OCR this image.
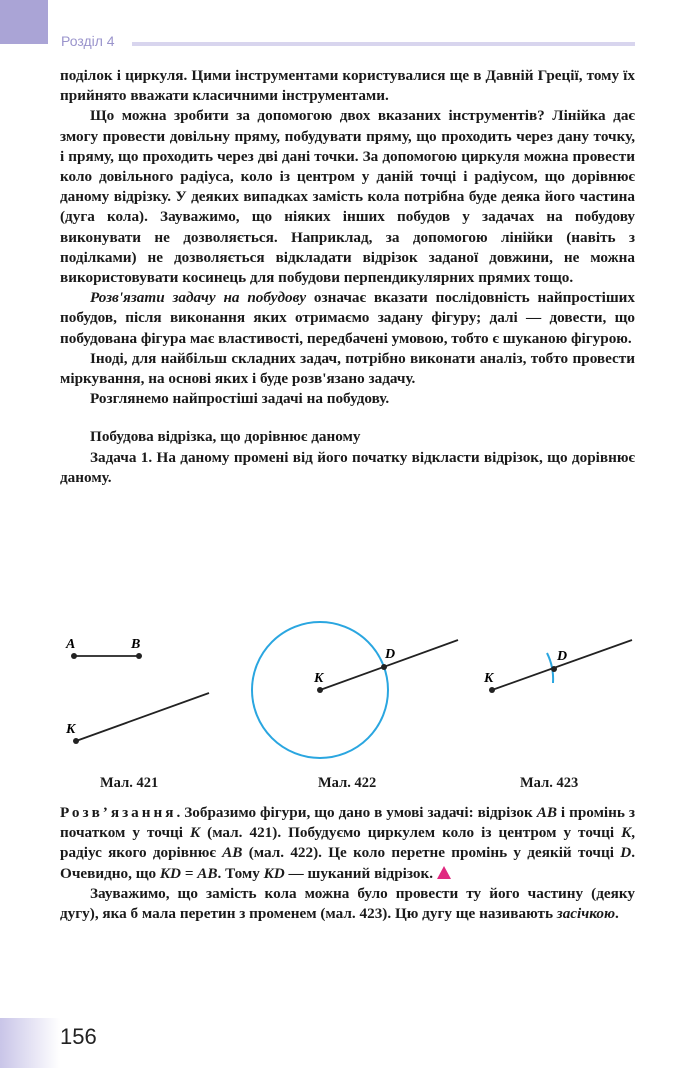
Розділ 4

поділок і циркуля. Цими інструментами користувалися ще в Давній Греції, тому їх прийнято вважати класичними інструментами.

Що можна зробити за допомогою двох вказаних інструментів? Лінійка дає змогу провести довільну пряму, побудувати пряму, що проходить через дану точку, і пряму, що проходить через дві дані точки. За допомогою циркуля можна провести коло довільного радіуса, коло із центром у даній точці і радіусом, що дорівнює даному відрізку. У деяких випадках замість кола потрібна буде деяка його частина (дуга кола). Зауважимо, що ніяких інших побудов у задачах на побудову виконувати не дозволяється. Наприклад, за допомогою лінійки (навіть з поділками) не дозволяється відкладати відрізок заданої довжини, не можна використовувати косинець для побудови перпендикулярних прямих тощо.

Розв'язати задачу на побудову означає вказати послідовність найпростіших побудов, після виконання яких отримаємо задану фігуру; далі — довести, що побудована фігура має властивості, передбачені умовою, тобто є шуканою фігурою.

Іноді, для найбільш складних задач, потрібно виконати аналіз, тобто провести міркування, на основі яких і буде розв'язано задачу.

Розглянемо найпростіші задачі на побудову.

Побудова відрізка, що дорівнює даному

Задача 1. На даному промені від його початку відкласти відрізок, що дорівнює даному.

A	B
K
K
D
K
D
Мал. 421	Мал. 422	Мал. 423

Розв’язання. Зобразимо фігури, що дано в умові задачі: відрізок AB і промінь з початком у точці K (мал. 421). Побудуємо циркулем коло із центром у точці K, радіус якого дорівнює AB (мал. 422). Це коло перетне промінь у деякій точці D. Очевидно, що KD = AB. Тому KD — шуканий відрізок.

Зауважимо, що замість кола можна було провести ту його частину (деяку дугу), яка б мала перетин з променем (мал. 423). Цю дугу ще називають засічкою.

156
